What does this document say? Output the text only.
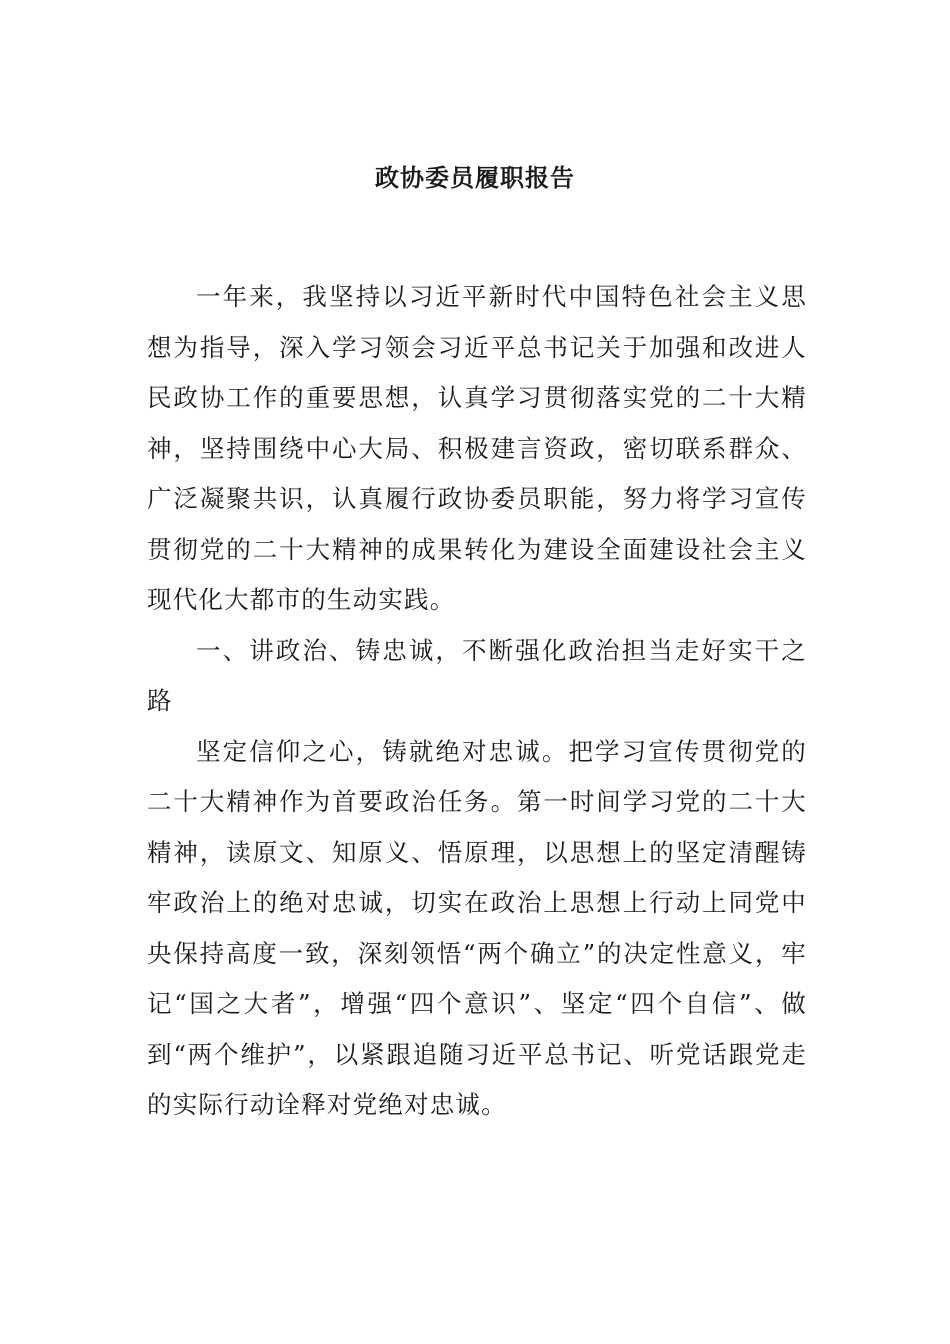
政协委员履职报告

一年来，我坚持以习近平新时代中国特色社会主义思想为指导，深入学习领会习近平总书记关于加强和改进人民政协工作的重要思想，认真学习贯彻落实党的二十大精神，坚持围绕中心大局、积极建言资政，密切联系群众、广泛凝聚共识，认真履行政协委员职能，努力将学习宣传贯彻党的二十大精神的成果转化为建设全面建设社会主义现代化大都市的生动实践。

一、讲政治、铸忠诚，不断强化政治担当走好实干之路

坚定信仰之心，铸就绝对忠诚。把学习宣传贯彻党的二十大精神作为首要政治任务。第一时间学习党的二十大精神，读原文、知原义、悟原理，以思想上的坚定清醒铸牢政治上的绝对忠诚，切实在政治上思想上行动上同党中央保持高度一致，深刻领悟“两个确立”的决定性意义，牢记“国之大者”，增强“四个意识”、坚定“四个自信”、做到“两个维护”，以紧跟追随习近平总书记、听党话跟党走的实际行动诠释对党绝对忠诚。
